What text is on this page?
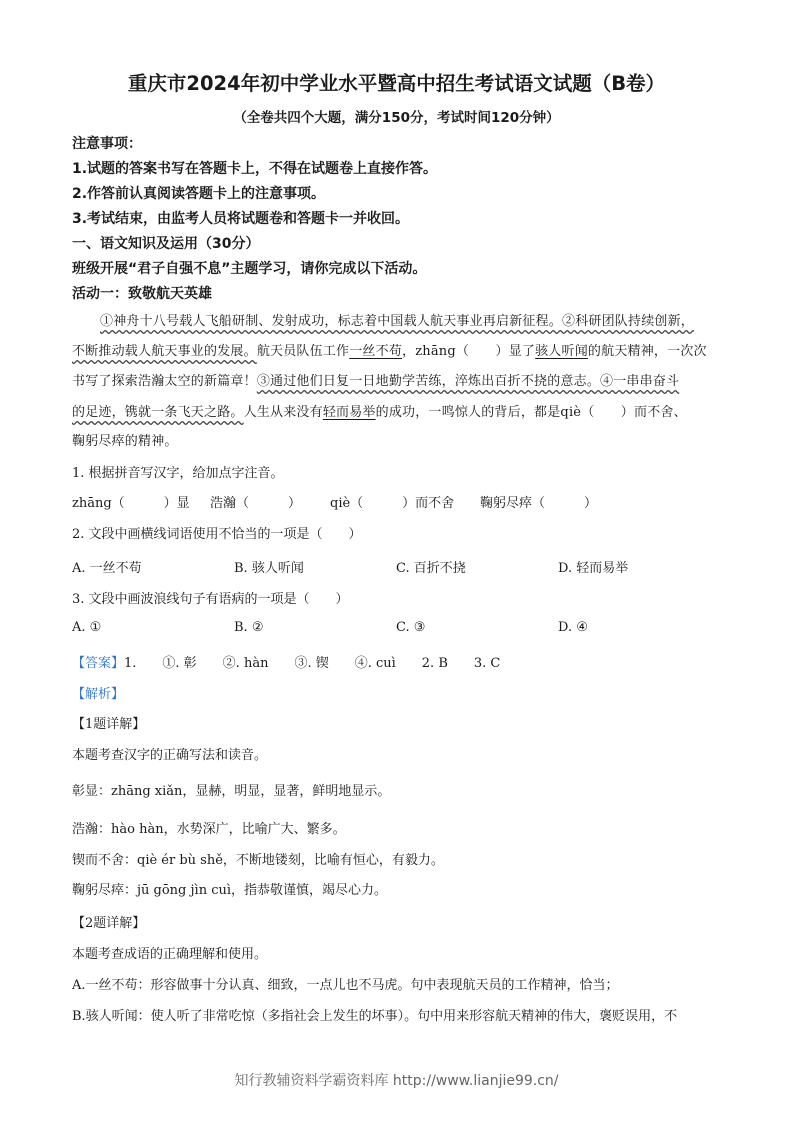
重庆市2024年初中学业水平暨高中招生考试语文试题（B卷）
（全卷共四个大题，满分150分，考试时间120分钟）
注意事项：
1.试题的答案书写在答题卡上，不得在试题卷上直接作答。
2.作答前认真阅读答题卡上的注意事项。
3.考试结束，由监考人员将试题卷和答题卡一并收回。
一、语文知识及运用（30分）
班级开展“君子自强不息”主题学习，请你完成以下活动。
活动一：致敬航天英雄
①神舟十八号载人飞船研制、发射成功，标志着中国载人航天事业再启新征程。②科研团队持续创新，
不断推动载人航天事业的发展。航天员队伍工作一丝不苟，zhāng（　　）显了骇人听闻的航天精神，一次次
书写了探索浩瀚太空的新篇章！③通过他们日复一日地勤学苦练，淬炼出百折不挠的意志。④一串串奋斗
的足迹，镌就一条飞天之路。人生从来没有轻而易举的成功，一鸣惊人的背后，都是qiè（　　）而不舍、
鞠躬尽瘁的精神。
1. 根据拼音写汉字，给加点字注音。
zhāng（　　　）显 浩瀚（　　　） qiè（　　　）而不舍 鞠躬尽瘁（　　　）
2. 文段中画横线词语使用不恰当的一项是（　　）
A. 一丝不苟	B. 骇人听闻	C. 百折不挠	D. 轻而易举
3. 文段中画波浪线句子有语病的一项是（　　）
A. ①	B. ②	C. ③	D. ④
【答案】1.　　①. 彰　　②. hàn　　③. 锲　　④. cuì　　2. B　　3. C
【解析】
【1题详解】
本题考查汉字的正确写法和读音。
彰显：zhāng xiǎn，显赫，明显，显著，鲜明地显示。
浩瀚：hào hàn，水势深广，比喻广大、繁多。
锲而不舍：qiè ér bù shě，不断地镂刻，比喻有恒心，有毅力。
鞠躬尽瘁：jū gōng jìn cuì，指恭敬谨慎，竭尽心力。
【2题详解】
本题考查成语的正确理解和使用。
A.一丝不苟：形容做事十分认真、细致，一点儿也不马虎。句中表现航天员的工作精神，恰当；
B.骇人听闻：使人听了非常吃惊（多指社会上发生的坏事）。句中用来形容航天精神的伟大，褒贬误用，不
知行教辅资料学霸资料库 http://www.lianjie99.cn/
